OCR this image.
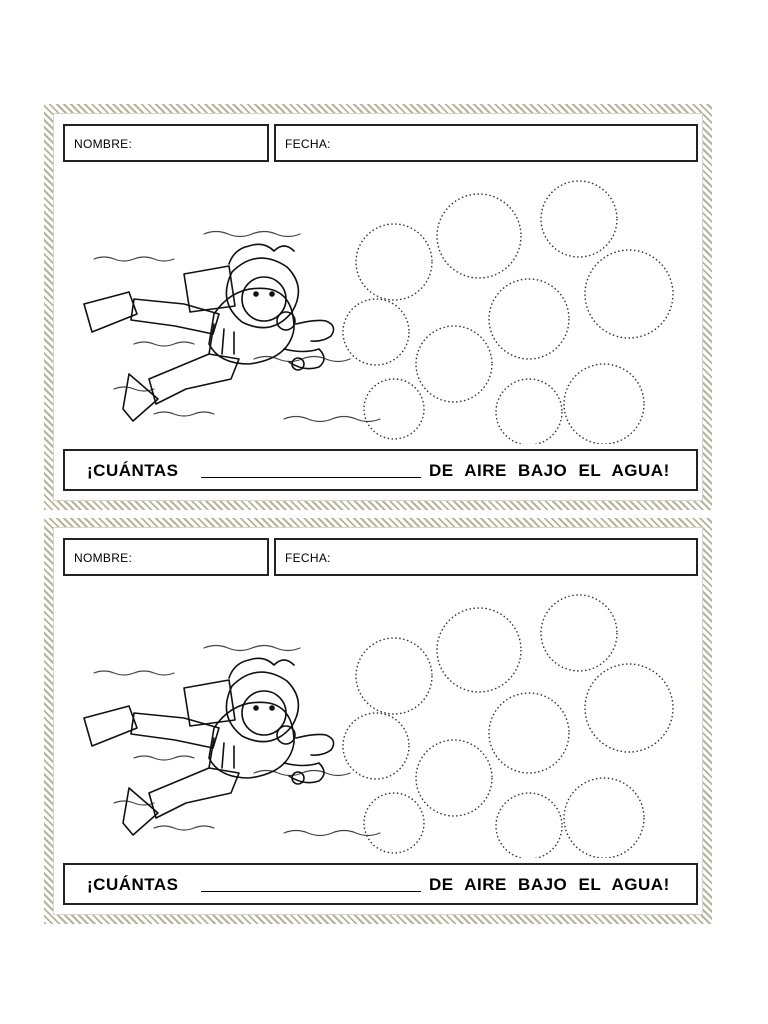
NOMBRE:	FECHA:
¡CUÁNTAS	DE AIRE BAJO EL AGUA!
NOMBRE:	FECHA:
¡CUÁNTAS	DE AIRE BAJO EL AGUA!
